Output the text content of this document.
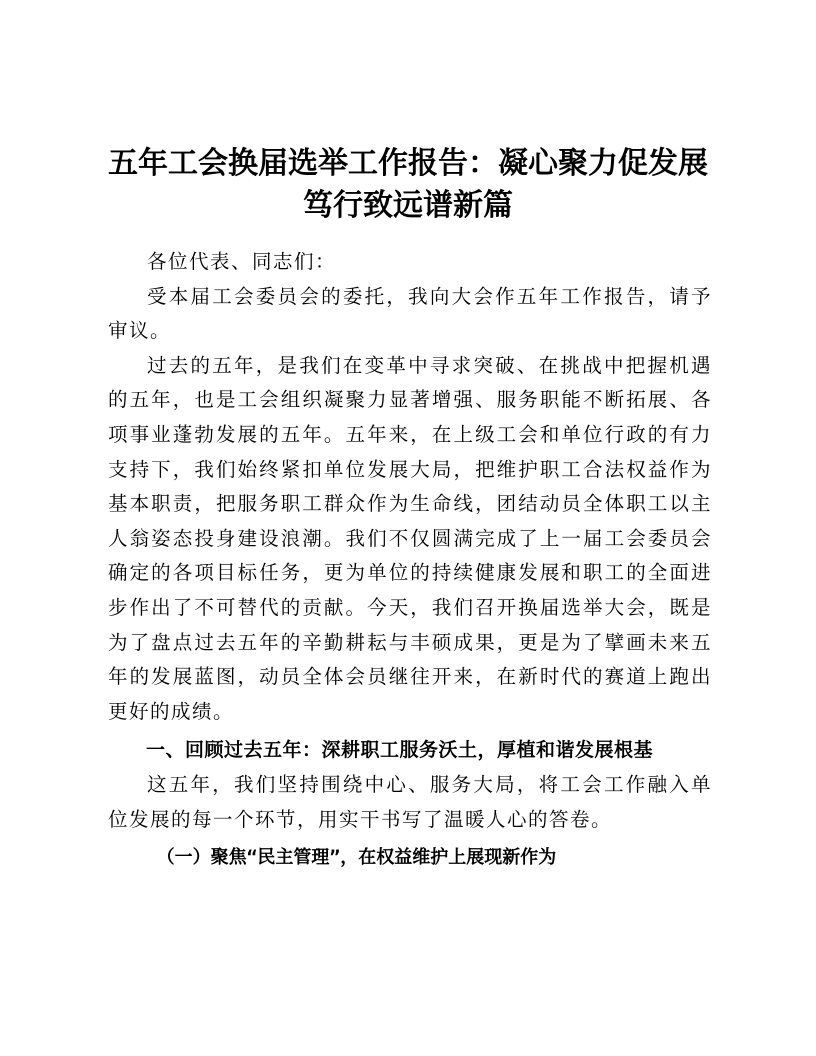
五年工会换届选举工作报告：凝心聚力促发展
笃行致远谱新篇

各位代表、同志们：

受本届工会委员会的委托，我向大会作五年工作报告，请予审议。

过去的五年，是我们在变革中寻求突破、在挑战中把握机遇的五年，也是工会组织凝聚力显著增强、服务职能不断拓展、各项事业蓬勃发展的五年。五年来，在上级工会和单位行政的有力支持下，我们始终紧扣单位发展大局，把维护职工合法权益作为基本职责，把服务职工群众作为生命线，团结动员全体职工以主人翁姿态投身建设浪潮。我们不仅圆满完成了上一届工会委员会确定的各项目标任务，更为单位的持续健康发展和职工的全面进步作出了不可替代的贡献。今天，我们召开换届选举大会，既是为了盘点过去五年的辛勤耕耘与丰硕成果，更是为了擘画未来五年的发展蓝图，动员全体会员继往开来，在新时代的赛道上跑出更好的成绩。

一、回顾过去五年：深耕职工服务沃土，厚植和谐发展根基

这五年，我们坚持围绕中心、服务大局，将工会工作融入单位发展的每一个环节，用实干书写了温暖人心的答卷。

（一）聚焦“民主管理”，在权益维护上展现新作为
